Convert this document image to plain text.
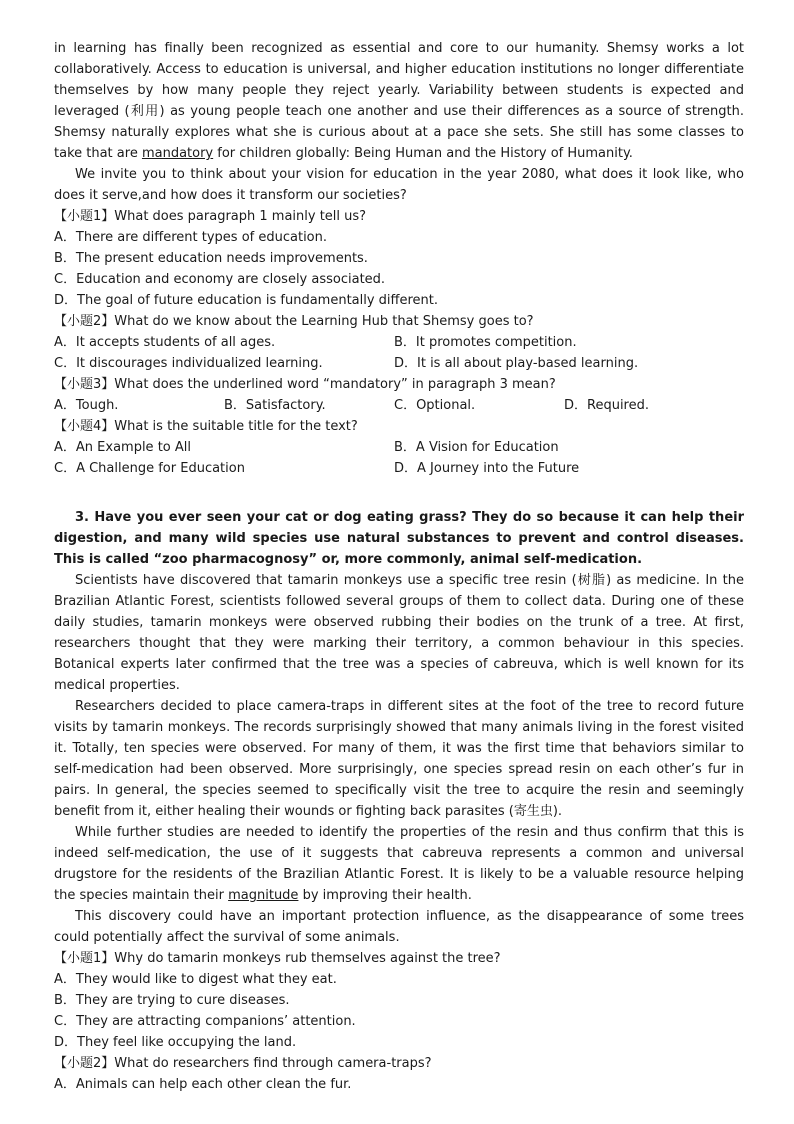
in learning has finally been recognized as essential and core to our humanity. Shemsy works a lot collaboratively. Access to education is universal, and higher education institutions no longer differentiate themselves by how many people they reject yearly. Variability between students is expected and leveraged (利用) as young people teach one another and use their differences as a source of strength. Shemsy naturally explores what she is curious about at a pace she sets. She still has some classes to take that are mandatory for children globally: Being Human and the History of Humanity.

We invite you to think about your vision for education in the year 2080, what does it look like, who does it serve,and how does it transform our societies?

【小题1】What does paragraph 1 mainly tell us?

A．There are different types of education.

B．The present education needs improvements.

C．Education and economy are closely associated.

D．The goal of future education is fundamentally different.

【小题2】What do we know about the Learning Hub that Shemsy goes to?

A．It accepts students of all ages.	B．It promotes competition.
C．It discourages individualized learning.	D．It is all about play-based learning.

【小题3】What does the underlined word “mandatory” in paragraph 3 mean?

A．Tough.	B．Satisfactory.	C．Optional.	D．Required.

【小题4】What is the suitable title for the text?

A．An Example to All	B．A Vision for Education
C．A Challenge for Education	D．A Journey into the Future

3. Have you ever seen your cat or dog eating grass? They do so because it can help their digestion, and many wild species use natural substances to prevent and control diseases. This is called “zoo pharmacognosy” or, more commonly, animal self-medication.

Scientists have discovered that tamarin monkeys use a specific tree resin (树脂) as medicine. In the Brazilian Atlantic Forest, scientists followed several groups of them to collect data. During one of these daily studies, tamarin monkeys were observed rubbing their bodies on the trunk of a tree. At first, researchers thought that they were marking their territory, a common behaviour in this species. Botanical experts later confirmed that the tree was a species of cabreuva, which is well known for its medical properties.

Researchers decided to place camera-traps in different sites at the foot of the tree to record future visits by tamarin monkeys. The records surprisingly showed that many animals living in the forest visited it. Totally, ten species were observed. For many of them, it was the first time that behaviors similar to self-medication had been observed. More surprisingly, one species spread resin on each other’s fur in pairs. In general, the species seemed to specifically visit the tree to acquire the resin and seemingly benefit from it, either healing their wounds or fighting back parasites (寄生虫).

While further studies are needed to identify the properties of the resin and thus confirm that this is indeed self-medication, the use of it suggests that cabreuva represents a common and universal drugstore for the residents of the Brazilian Atlantic Forest. It is likely to be a valuable resource helping the species maintain their magnitude by improving their health.

This discovery could have an important protection influence, as the disappearance of some trees could potentially affect the survival of some animals.

【小题1】Why do tamarin monkeys rub themselves against the tree?

A．They would like to digest what they eat.

B．They are trying to cure diseases.

C．They are attracting companions’ attention.

D．They feel like occupying the land.

【小题2】What do researchers find through camera-traps?

A．Animals can help each other clean the fur.
